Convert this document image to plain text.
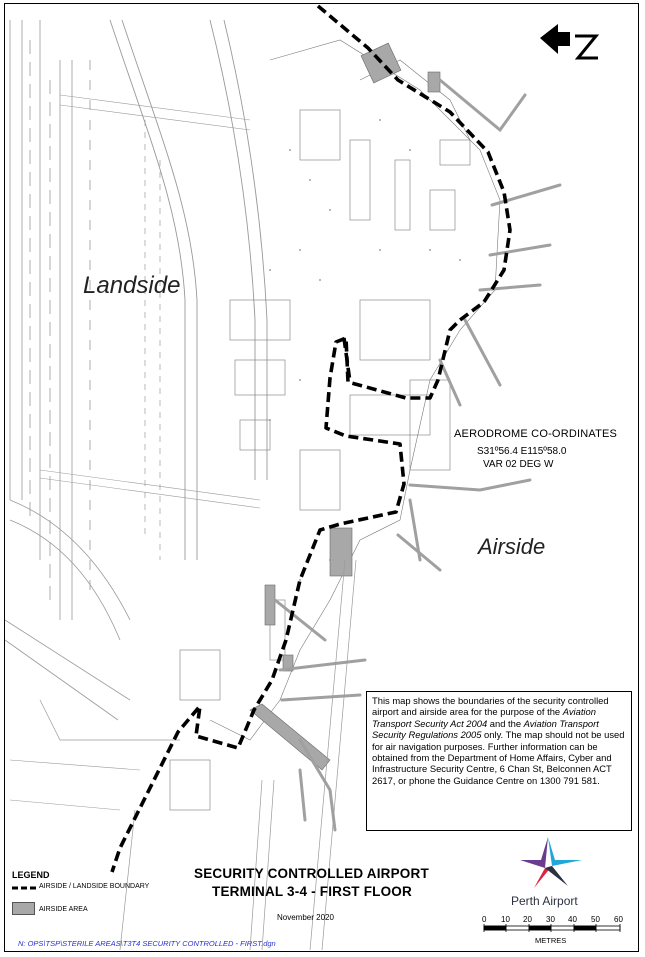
Landside
Airside
AERODROME CO-ORDINATES
S31º56.4 E115º58.0
VAR 02 DEG W
This map shows the boundaries of the security controlled airport and airside area for the purpose of the Aviation Transport Security Act 2004 and the Aviation Transport Security Regulations 2005 only. The map should not be used for air navigation purposes. Further information can be obtained from the Department of Home Affairs, Cyber and Infrastructure Security Centre, 6 Chan St, Belconnen ACT 2617, or phone the Guidance Centre on 1300 791 581.
LEGEND
AIRSIDE / LANDSIDE BOUNDARY
AIRSIDE AREA
SECURITY CONTROLLED AIRPORT
TERMINAL 3-4 - FIRST FLOOR
November 2020
N: OPS\TSP\STERILE AREAS\T3T4 SECURITY CONTROLLED - FIRST.dgn
Perth Airport
0 10 20 30 40 50 60
METRES
